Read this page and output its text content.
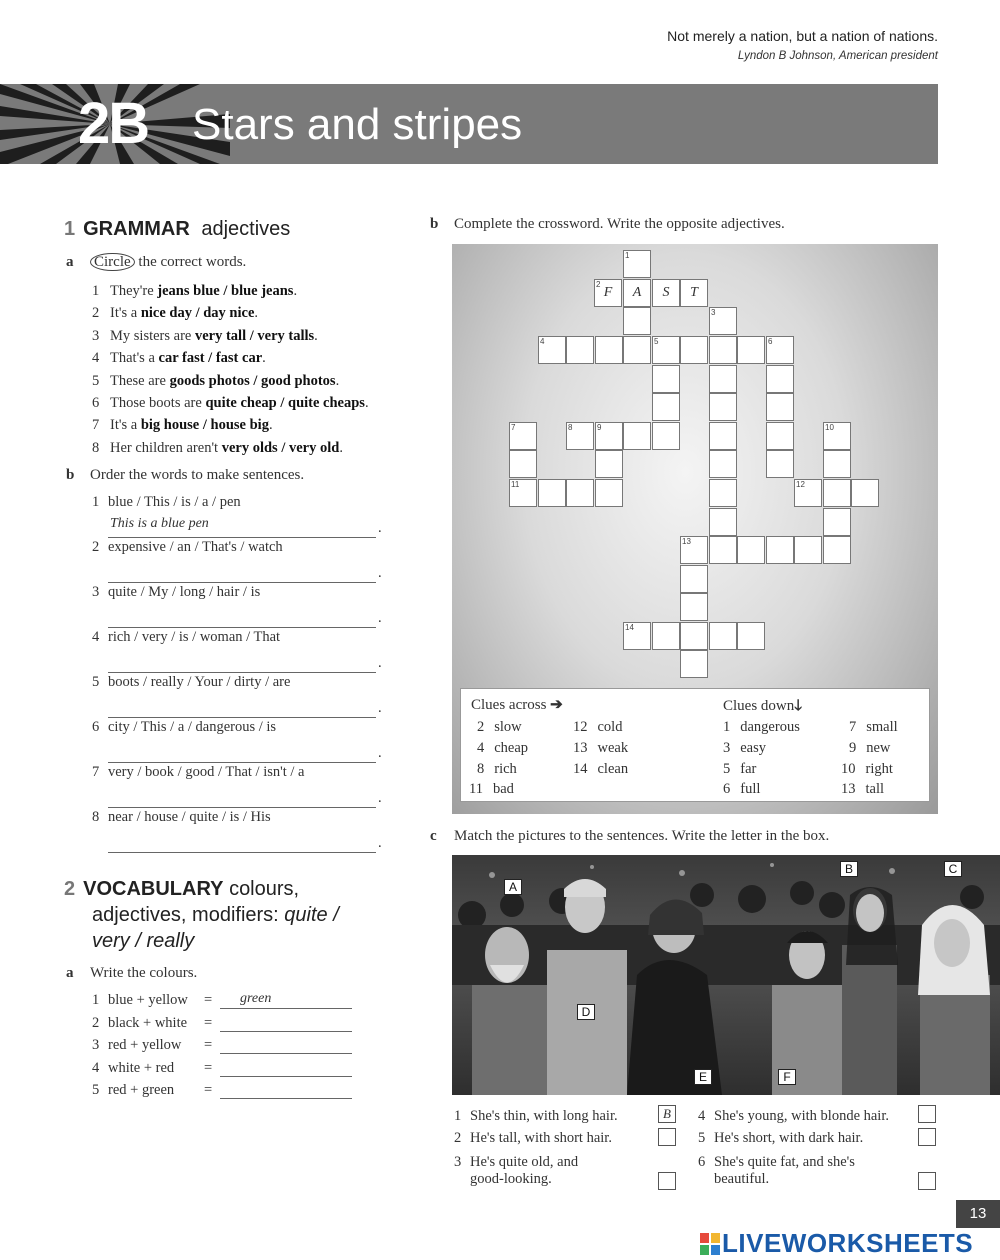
Not merely a nation, but a nation of nations.
Lyndon B Johnson, American president
2B Stars and stripes
1 GRAMMAR adjectives
a Circle the correct words.
1 They're jeans blue / blue jeans.
2 It's a nice day / day nice.
3 My sisters are very tall / very talls.
4 That's a car fast / fast car.
5 These are goods photos / good photos.
6 Those boots are quite cheap / quite cheaps.
7 It's a big house / house big.
8 Her children aren't very olds / very old.
b Order the words to make sentences.
1 blue / This / is / a / pen
This is a blue pen	.
2 expensive / an / That's / watch
.
3 quite / My / long / hair / is
.
4 rich / very / is / woman / That
.
5 boots / really / Your / dirty / are
.
6 city / This / a / dangerous / is
.
7 very / book / good / That / isn't / a
.
8 near / house / quite / is / His
.
2 VOCABULARY colours,
adjectives, modifiers: quite /
very / really
a Write the colours.
1 blue + yellow = green
2 black + white =
3 red + yellow =
4 white + red =
5 red + green =
b Complete the crossword. Write the opposite adjectives.
1
2
F	A	S	T
3
4	5	6
7	8	9	10
11	12
13
14
Clues across ➔	Clues down🡓
2 slow
4 cheap
8 rich
11 bad
12 cold
13 weak
14 clean
1 dangerous
3 easy
5 far
6 full
7 small
9 new
10 right
13 tall
c Match the pictures to the sentences. Write the letter in the box.
A
B	C
D
E	F
1 She's thin, with long hair.	B
2 He's tall, with short hair.
3 He's quite old, and
good-looking.
4 She's young, with blonde hair.
5 He's short, with dark hair.
6 She's quite fat, and she's
beautiful.
13
LIVEWORKSHEETS
